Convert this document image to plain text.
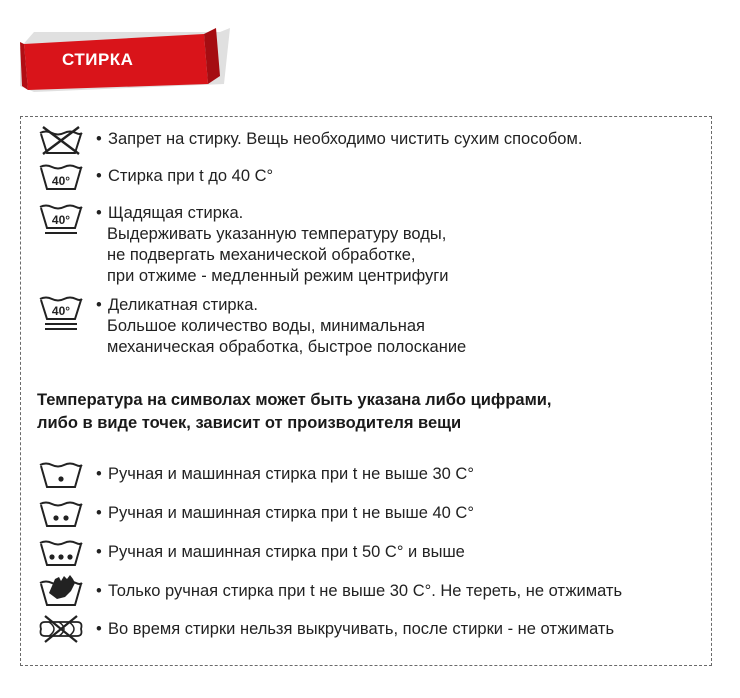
СТИРКА
• Запрет на стирку. Вещь необходимо чистить сухим способом.
40° • Стирка при t до 40 С°
40° • Щадящая стирка.
Выдерживать указанную температуру воды,
не подвергать механической обработке,
при отжиме - медленный режим центрифуги
40° • Деликатная стирка.
Большое количество воды, минимальная
механическая обработка, быстрое полоскание
Температура на символах может быть указана либо цифрами,
либо в виде точек, зависит от производителя вещи
• Ручная и машинная стирка при t не выше 30 С°
• Ручная и машинная стирка при t не выше 40 С°
• Ручная и машинная стирка при t 50 С° и выше
• Только ручная стирка при t не выше 30 С°. Не тереть, не отжимать
• Во время стирки нельзя выкручивать, после стирки - не отжимать
